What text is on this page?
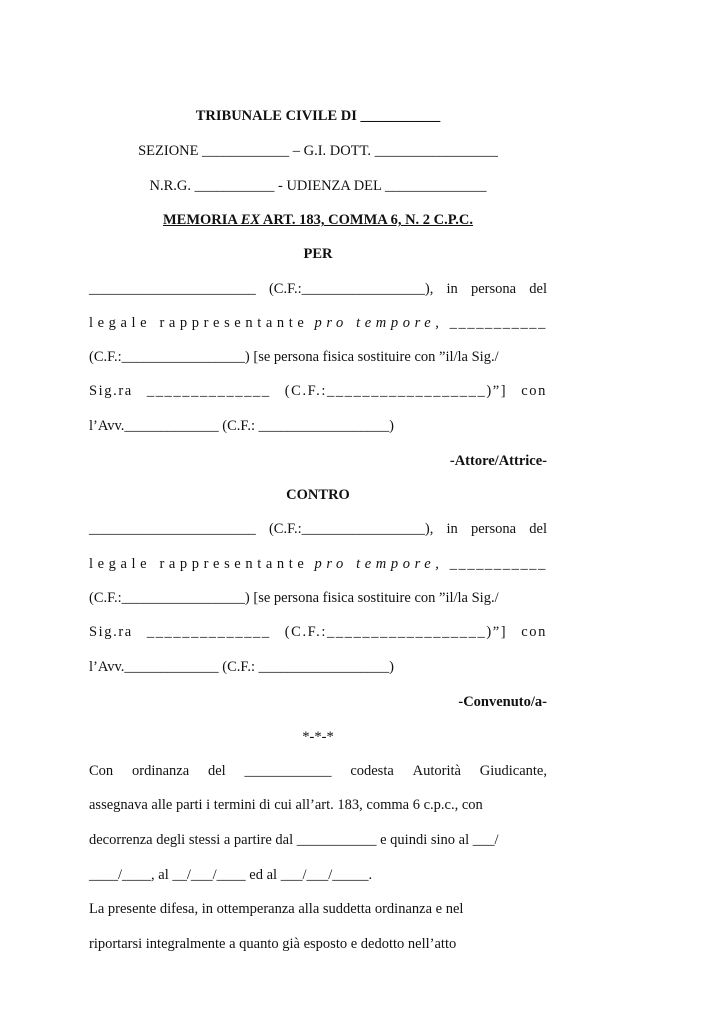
TRIBUNALE CIVILE DI ___________
SEZIONE ____________ – G.I. DOTT. _________________
N.R.G. ___________ - UDIENZA DEL ______________
MEMORIA EX ART. 183, COMMA 6, N. 2 C.P.C.
PER
_______________________ (C.F.:_________________), in persona del
legale rappresentante pro tempore, ___________
(C.F.:_________________) [se persona fisica sostituire con ”il/la Sig./
Sig.ra ______________ (C.F.:__________________)”] con
l’Avv._____________ (C.F.: __________________)
-Attore/Attrice-
CONTRO
_______________________ (C.F.:_________________), in persona del
legale rappresentante pro tempore, ___________
(C.F.:_________________) [se persona fisica sostituire con ”il/la Sig./
Sig.ra ______________ (C.F.:__________________)”] con
l’Avv._____________ (C.F.: __________________)
-Convenuto/a-
*-*-*
Con ordinanza del ____________ codesta Autorità Giudicante,
assegnava alle parti i termini di cui all’art. 183, comma 6 c.p.c., con
decorrenza degli stessi a partire dal ___________ e quindi sino al ___/
____/____, al __/___/____ ed al ___/___/_____.
La presente difesa, in ottemperanza alla suddetta ordinanza e nel
riportarsi integralmente a quanto già esposto e dedotto nell’atto
